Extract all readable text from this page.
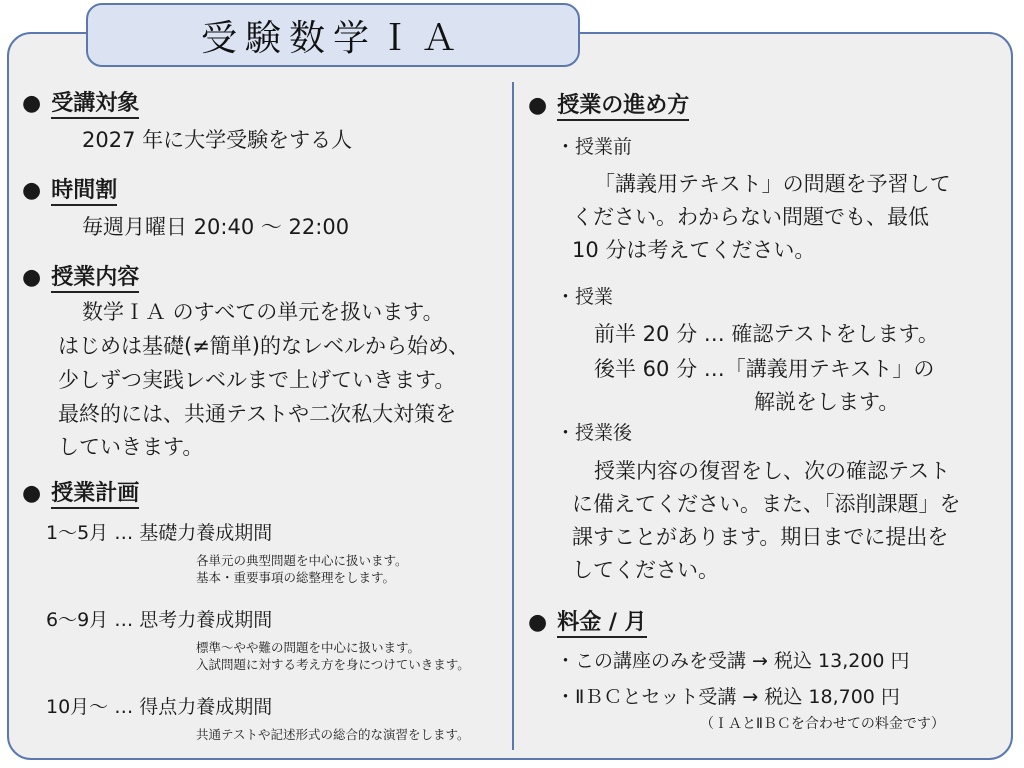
受験数学ＩＡ
● 受講対象
2027 年に大学受験をする人
● 時間割
毎週月曜日 20:40 ～ 22:00
● 授業内容
数学ＩＡ のすべての単元を扱います。
はじめは基礎(≠簡単)的なレベルから始め、
少しずつ実践レベルまで上げていきます。
最終的には、共通テストや二次私大対策を
していきます。
● 授業計画
1～5月 … 基礎力養成期間
各単元の典型問題を中心に扱います。
基本・重要事項の総整理をします。
6～9月 … 思考力養成期間
標準～やや難の問題を中心に扱います。
入試問題に対する考え方を身につけていきます。
10月～ … 得点力養成期間
共通テストや記述形式の総合的な演習をします。
● 授業の進め方
・授業前
「講義用テキスト」の問題を予習して
ください。わからない問題でも、最低
10 分は考えてください。
・授業
前半 20 分 … 確認テストをします。
後半 60 分 …「講義用テキスト」の
解説をします。
・授業後
授業内容の復習をし、次の確認テスト
に備えてください。また、「添削課題」を
課すことがあります。期日までに提出を
してください。
● 料金 / 月
・この講座のみを受講 → 税込 13,200 円
・ⅡＢＣとセット受講 → 税込 18,700 円
（ＩＡとⅡＢＣを合わせての料金です）
